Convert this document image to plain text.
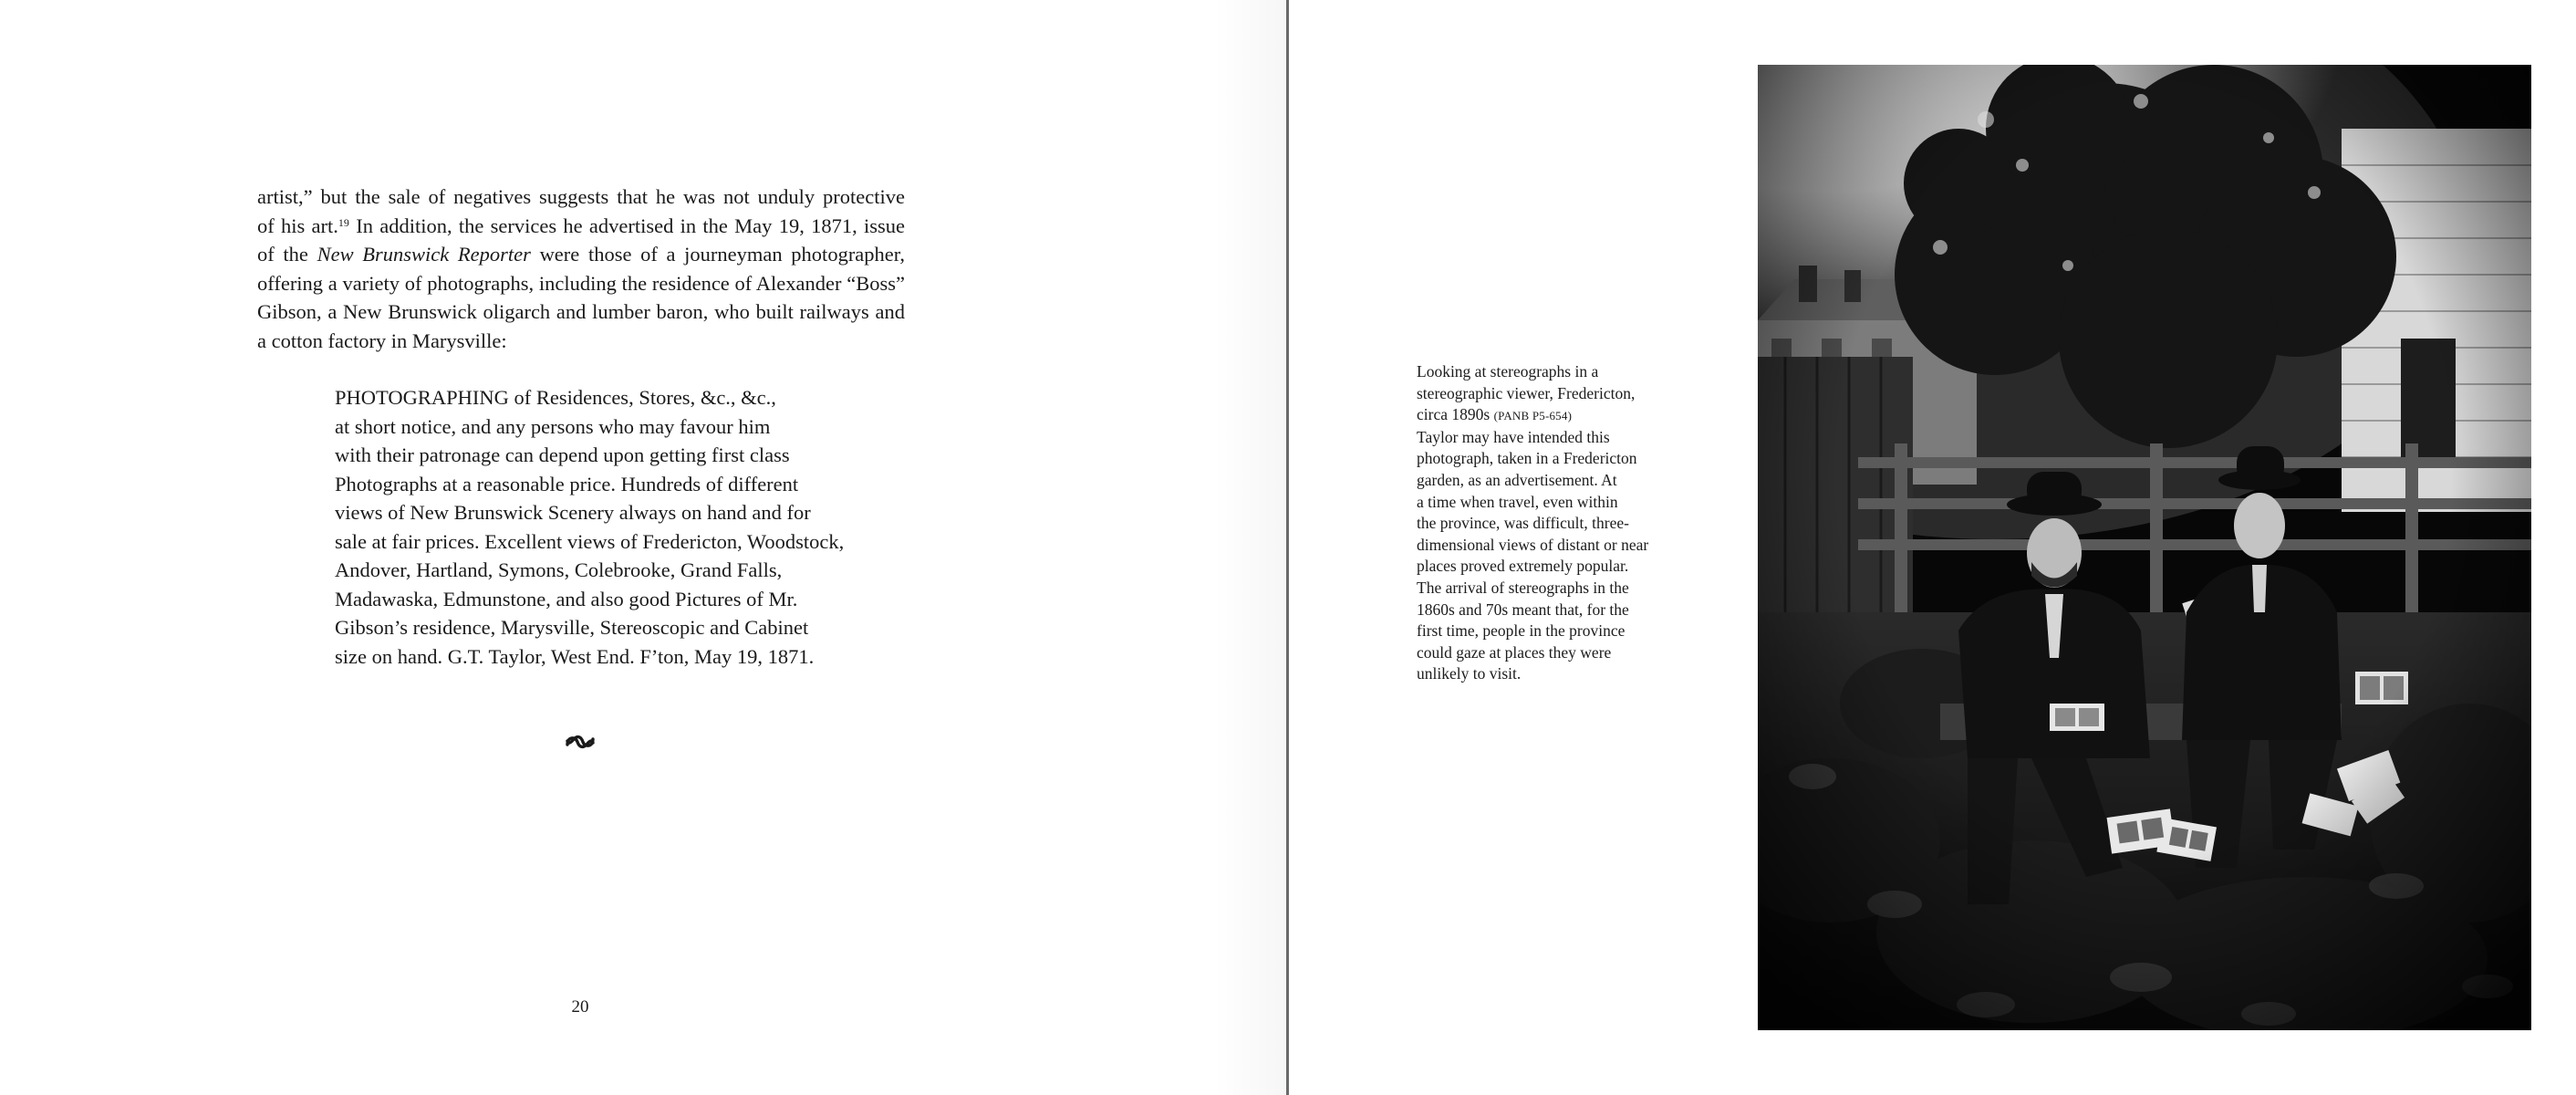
artist,” but the sale of negatives suggests that he was not unduly protective
of his art.$^{19}$ In addition, the services he advertised in the May 19, 1871, issue
of the New Brunswick Reporter were those of a journeyman photographer,
offering a variety of photographs, including the residence of Alexander “Boss”
Gibson, a New Brunswick oligarch and lumber baron, who built railways and
a cotton factory in Marysville:

PHOTOGRAPHING of Residences, Stores, &c., &c.,
at short notice, and any persons who may favour him
with their patronage can depend upon getting first class
Photographs at a reasonable price. Hundreds of different
views of New Brunswick Scenery always on hand and for
sale at fair prices. Excellent views of Fredericton, Woodstock,
Andover, Hartland, Symons, Colebrooke, Grand Falls,
Madawaska, Edmunstone, and also good Pictures of Mr.
Gibson’s residence, Marysville, Stereoscopic and Cabinet
size on hand. G.T. Taylor, West End. F’ton, May 19, 1871.
20
Looking at stereographs in a
stereographic viewer, Fredericton,
circa 1890s (PANB P5-654)
Taylor may have intended this
photograph, taken in a Fredericton
garden, as an advertisement. At
a time when travel, even within
the province, was difficult, three-
dimensional views of distant or near
places proved extremely popular.
The arrival of stereographs in the
1860s and 70s meant that, for the
first time, people in the province
could gaze at places they were
unlikely to visit.
